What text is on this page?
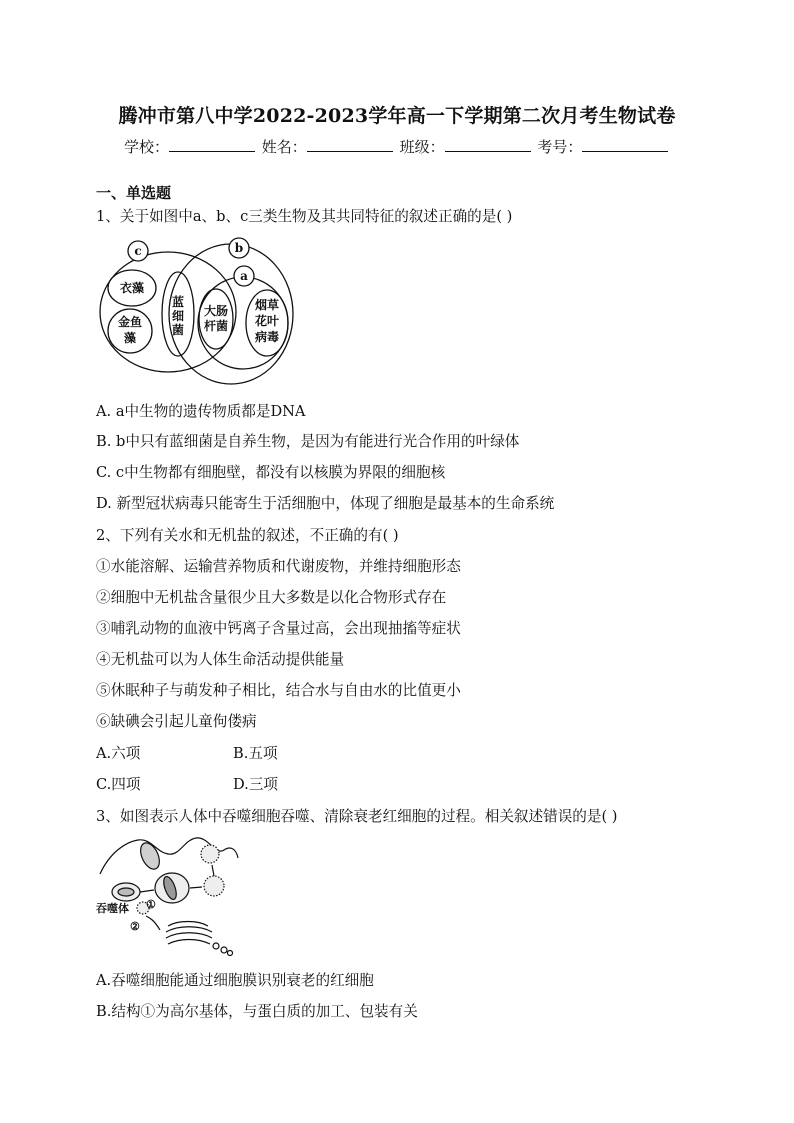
腾冲市第八中学2022-2023学年高一下学期第二次月考生物试卷
学校：	姓名：	班级：	考号：
一、单选题
1、关于如图中a、b、c三类生物及其共同特征的叙述正确的是( )
c	b
a
衣藻
金鱼
藻
蓝
细
菌
大肠
杆菌
烟草
花叶
病毒
A. a中生物的遗传物质都是DNA
B. b中只有蓝细菌是自养生物，是因为有能进行光合作用的叶绿体
C. c中生物都有细胞壁，都没有以核膜为界限的细胞核
D. 新型冠状病毒只能寄生于活细胞中，体现了细胞是最基本的生命系统
2、下列有关水和无机盐的叙述，不正确的有( )
①水能溶解、运输营养物质和代谢废物，并维持细胞形态
②细胞中无机盐含量很少且大多数是以化合物形式存在
③哺乳动物的血液中钙离子含量过高，会出现抽搐等症状
④无机盐可以为人体生命活动提供能量
⑤休眠种子与萌发种子相比，结合水与自由水的比值更小
⑥缺碘会引起儿童佝偻病
A.六项	B.五项
C.四项	D.三项
3、如图表示人体中吞噬细胞吞噬、清除衰老红细胞的过程。相关叙述错误的是( )
吞噬体 ①
②
A.吞噬细胞能通过细胞膜识别衰老的红细胞
B.结构①为高尔基体，与蛋白质的加工、包装有关
